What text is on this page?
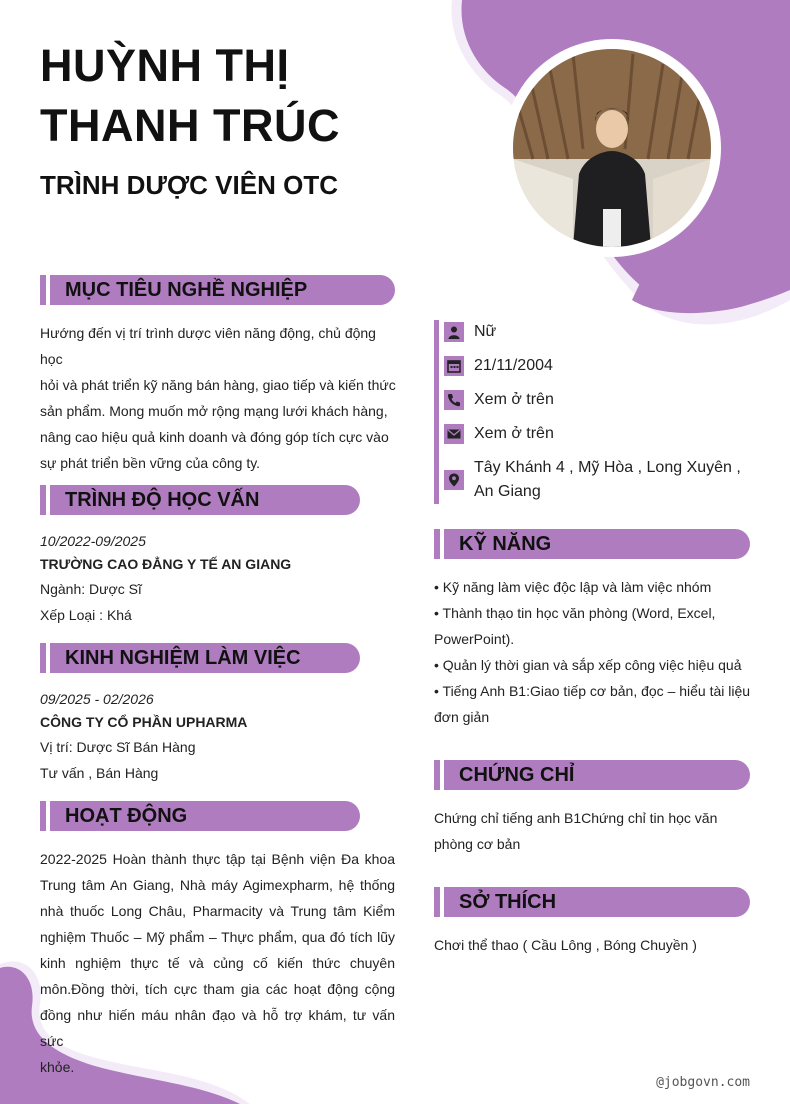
HUỲNH THỊ
THANH TRÚC
TRÌNH DƯỢC VIÊN OTC
MỤC TIÊU NGHỀ NGHIỆP
Hướng đến vị trí trình dược viên năng động, chủ động học
hỏi và phát triển kỹ năng bán hàng, giao tiếp và kiến thức
sản phẩm. Mong muốn mở rộng mạng lưới khách hàng,
nâng cao hiệu quả kinh doanh và đóng góp tích cực vào
sự phát triển bền vững của công ty.
Nữ
21/11/2004
Xem ở trên
Xem ở trên
Tây Khánh 4 , Mỹ Hòa , Long Xuyên ,
An Giang
TRÌNH ĐỘ HỌC VẤN
10/2022-09/2025
TRƯỜNG CAO ĐẲNG Y TẾ AN GIANG
Ngành: Dược Sĩ
Xếp Loại : Khá
KINH NGHIỆM LÀM VIỆC
09/2025 - 02/2026
CÔNG TY CỔ PHẦN UPHARMA
Vị trí: Dược Sĩ Bán Hàng
Tư vấn , Bán Hàng
HOẠT ĐỘNG
2022-2025 Hoàn thành thực tập tại Bệnh viện Đa khoa
Trung tâm An Giang, Nhà máy Agimexpharm, hệ thống
nhà thuốc Long Châu, Pharmacity và Trung tâm Kiểm
nghiệm Thuốc – Mỹ phẩm – Thực phẩm, qua đó tích lũy
kinh nghiệm thực tế và củng cố kiến thức chuyên
môn.Đồng thời, tích cực tham gia các hoạt động cộng
đồng như hiến máu nhân đạo và hỗ trợ khám, tư vấn sức
khỏe.
KỸ NĂNG
• Kỹ năng làm việc độc lập và làm việc nhóm
• Thành thạo tin học văn phòng (Word, Excel,
PowerPoint).
• Quản lý thời gian và sắp xếp công việc hiệu quả
• Tiếng Anh B1:Giao tiếp cơ bản, đọc – hiểu tài liệu
đơn giản
CHỨNG CHỈ
Chứng chỉ tiếng anh B1Chứng chỉ tin học văn
phòng cơ bản
SỞ THÍCH
Chơi thể thao ( Cầu Lông , Bóng Chuyền )
@jobgovn.com
